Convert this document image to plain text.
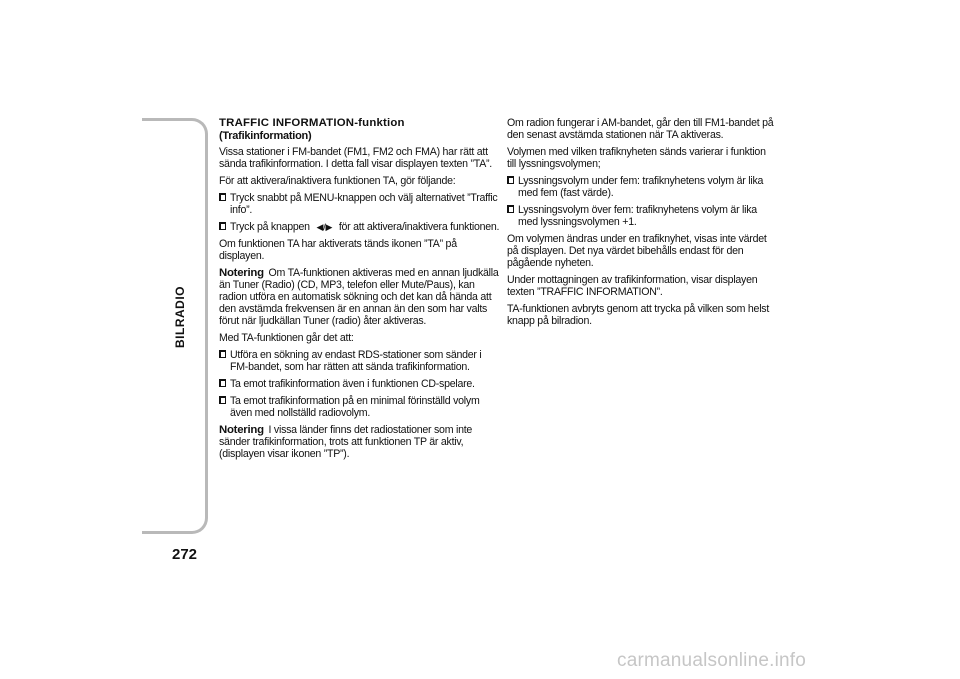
BILRADIO
272

TRAFFIC INFORMATION-funktion

(Trafikinformation)

Vissa stationer i FM-bandet (FM1, FM2 och FMA) har rätt att sända trafikinformation. I detta fall visar displayen texten ”TA”.

För att aktivera/inaktivera funktionen TA, gör följande:

Tryck snabbt på MENU-knappen och välj alternativet ”Traffic info”.
Tryck på knappen ◀/▶ för att aktivera/inaktivera funktionen.

Om funktionen TA har aktiverats tänds ikonen ”TA” på displayen.

Notering Om TA-funktionen aktiveras med en annan ljudkälla än Tuner (Radio) (CD, MP3, telefon eller Mute/Paus), kan radion utföra en automatisk sökning och det kan då hända att den avstämda frekvensen är en annan än den som har valts förut när ljudkällan Tuner (radio) åter aktiveras.

Med TA-funktionen går det att:

Utföra en sökning av endast RDS-stationer som sänder i FM-bandet, som har rätten att sända trafikinformation.
Ta emot trafikinformation även i funktionen CD-spelare.
Ta emot trafikinformation på en minimal förinställd volym även med nollställd radiovolym.

Notering I vissa länder finns det radiostationer som inte sänder trafikinformation, trots att funktionen TP är aktiv, (displayen visar ikonen ”TP”).

Om radion fungerar i AM-bandet, går den till FM1-bandet på den senast avstämda stationen när TA aktiveras.

Volymen med vilken trafiknyheten sänds varierar i funktion till lyssningsvolymen;

Lyssningsvolym under fem: trafiknyhetens volym är lika med fem (fast värde).
Lyssningsvolym över fem: trafiknyhetens volym är lika med lyssningsvolymen +1.

Om volymen ändras under en trafiknyhet, visas inte värdet på displayen. Det nya värdet bibehålls endast för den pågående nyheten.

Under mottagningen av trafikinformation, visar displayen texten ”TRAFFIC INFORMATION”.

TA-funktionen avbryts genom att trycka på vilken som helst knapp på bilradion.

carmanualsonline.info
